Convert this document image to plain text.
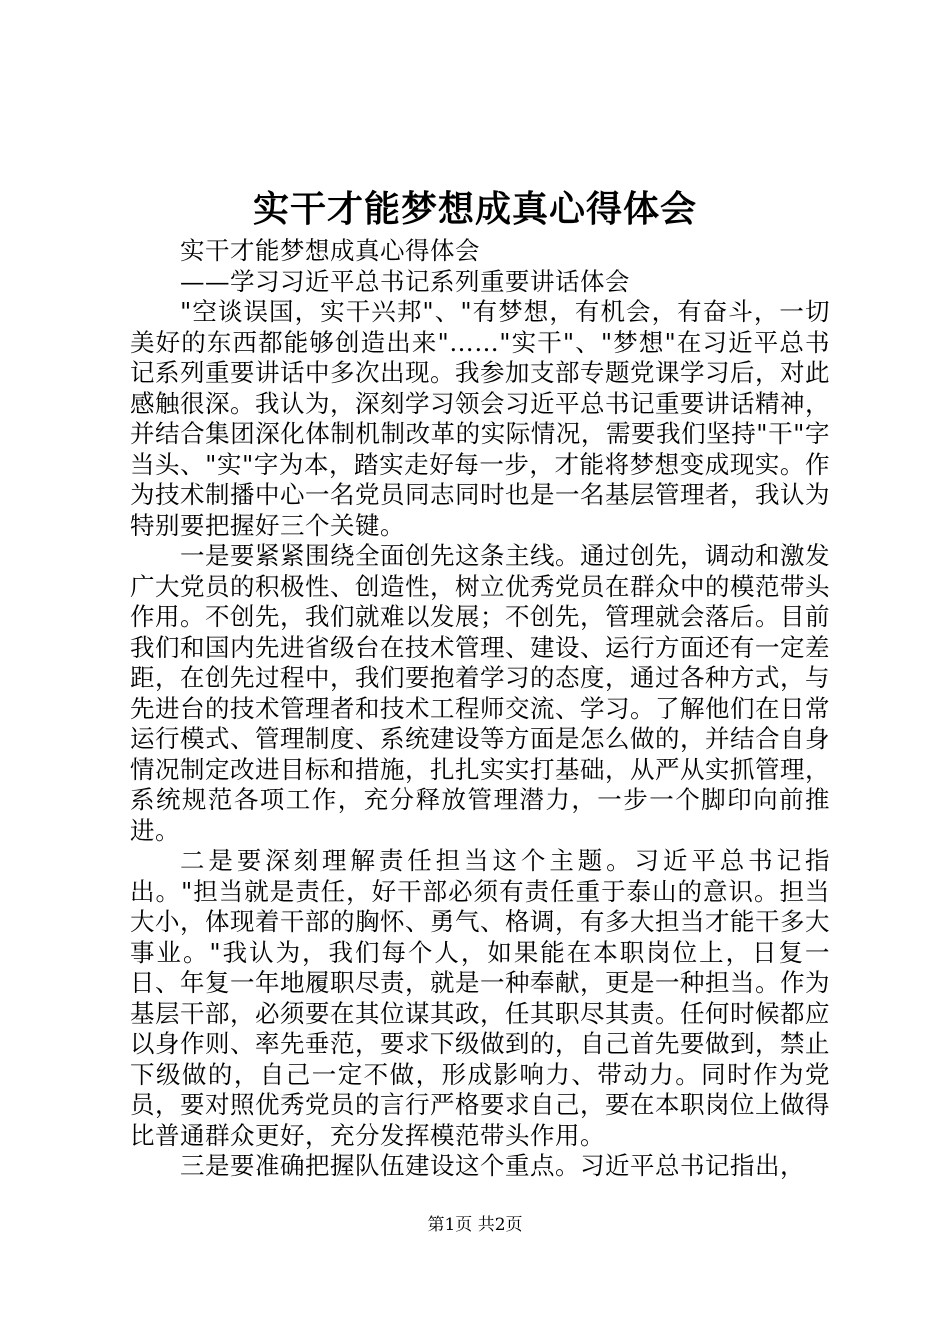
实干才能梦想成真心得体会

实干才能梦想成真心得体会

——学习习近平总书记系列重要讲话体会

"空谈误国，实干兴邦"、"有梦想，有机会，有奋斗，一切美好的东西都能够创造出来"……"实干"、"梦想"在习近平总书记系列重要讲话中多次出现。我参加支部专题党课学习后，对此感触很深。我认为，深刻学习领会习近平总书记重要讲话精神，并结合集团深化体制机制改革的实际情况，需要我们坚持"干"字当头、"实"字为本，踏实走好每一步，才能将梦想变成现实。作为技术制播中心一名党员同志同时也是一名基层管理者，我认为特别要把握好三个关键。

一是要紧紧围绕全面创先这条主线。通过创先，调动和激发广大党员的积极性、创造性，树立优秀党员在群众中的模范带头作用。不创先，我们就难以发展；不创先，管理就会落后。目前我们和国内先进省级台在技术管理、建设、运行方面还有一定差距，在创先过程中，我们要抱着学习的态度，通过各种方式，与先进台的技术管理者和技术工程师交流、学习。了解他们在日常运行模式、管理制度、系统建设等方面是怎么做的，并结合自身情况制定改进目标和措施，扎扎实实打基础，从严从实抓管理，系统规范各项工作，充分释放管理潜力，一步一个脚印向前推进。

二是要深刻理解责任担当这个主题。习近平总书记指出。"担当就是责任，好干部必须有责任重于泰山的意识。担当大小，体现着干部的胸怀、勇气、格调，有多大担当才能干多大事业。"我认为，我们每个人，如果能在本职岗位上，日复一日、年复一年地履职尽责，就是一种奉献，更是一种担当。作为基层干部，必须要在其位谋其政，任其职尽其责。任何时候都应以身作则、率先垂范，要求下级做到的，自己首先要做到，禁止下级做的，自己一定不做，形成影响力、带动力。同时作为党员，要对照优秀党员的言行严格要求自己，要在本职岗位上做得比普通群众更好，充分发挥模范带头作用。

三是要准确把握队伍建设这个重点。习近平总书记指出，

第1页 共2页
